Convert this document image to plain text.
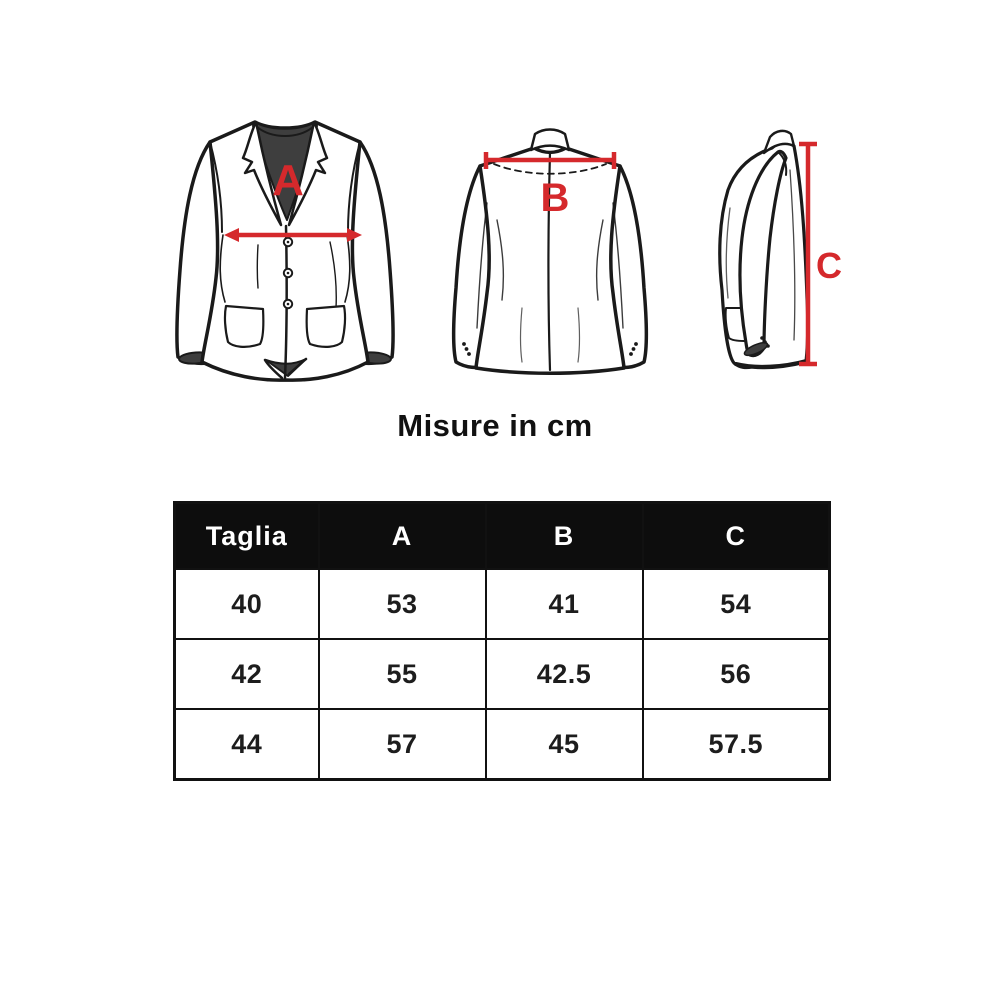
A	B
C
Misure in cm
Taglia	A	B	C
40	53	41	54
42	55	42.5	56
44	57	45	57.5
